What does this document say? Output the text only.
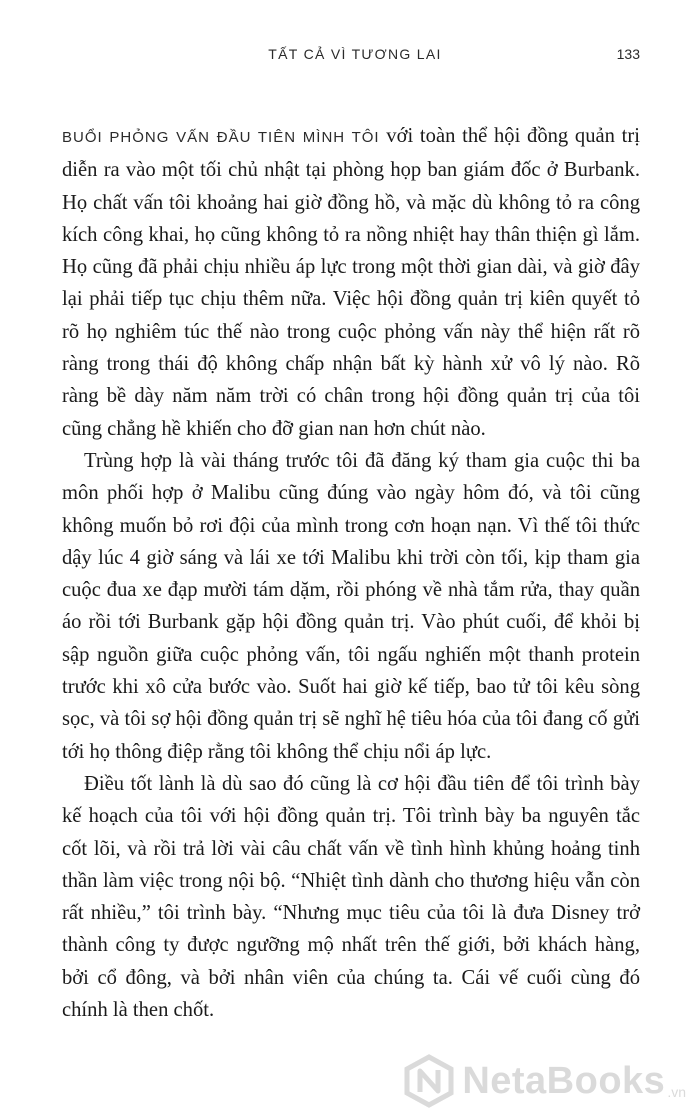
TẤT CẢ VÌ TƯƠNG LAI	133

BUỔI PHỎNG VẤN ĐẦU TIÊN MÌNH TÔI với toàn thể hội đồng quản trị diễn ra vào một tối chủ nhật tại phòng họp ban giám đốc ở Burbank. Họ chất vấn tôi khoảng hai giờ đồng hồ, và mặc dù không tỏ ra công kích công khai, họ cũng không tỏ ra nồng nhiệt hay thân thiện gì lắm. Họ cũng đã phải chịu nhiều áp lực trong một thời gian dài, và giờ đây lại phải tiếp tục chịu thêm nữa. Việc hội đồng quản trị kiên quyết tỏ rõ họ nghiêm túc thế nào trong cuộc phỏng vấn này thể hiện rất rõ ràng trong thái độ không chấp nhận bất kỳ hành xử vô lý nào. Rõ ràng bề dày năm năm trời có chân trong hội đồng quản trị của tôi cũng chẳng hề khiến cho đỡ gian nan hơn chút nào.

Trùng hợp là vài tháng trước tôi đã đăng ký tham gia cuộc thi ba môn phối hợp ở Malibu cũng đúng vào ngày hôm đó, và tôi cũng không muốn bỏ rơi đội của mình trong cơn hoạn nạn. Vì thế tôi thức dậy lúc 4 giờ sáng và lái xe tới Malibu khi trời còn tối, kịp tham gia cuộc đua xe đạp mười tám dặm, rồi phóng về nhà tắm rửa, thay quần áo rồi tới Burbank gặp hội đồng quản trị. Vào phút cuối, để khỏi bị sập nguồn giữa cuộc phỏng vấn, tôi ngấu nghiến một thanh protein trước khi xô cửa bước vào. Suốt hai giờ kế tiếp, bao tử tôi kêu sòng sọc, và tôi sợ hội đồng quản trị sẽ nghĩ hệ tiêu hóa của tôi đang cố gửi tới họ thông điệp rằng tôi không thể chịu nổi áp lực.

Điều tốt lành là dù sao đó cũng là cơ hội đầu tiên để tôi trình bày kế hoạch của tôi với hội đồng quản trị. Tôi trình bày ba nguyên tắc cốt lõi, và rồi trả lời vài câu chất vấn về tình hình khủng hoảng tinh thần làm việc trong nội bộ. “Nhiệt tình dành cho thương hiệu vẫn còn rất nhiều,” tôi trình bày. “Nhưng mục tiêu của tôi là đưa Disney trở thành công ty được ngưỡng mộ nhất trên thế giới, bởi khách hàng, bởi cổ đông, và bởi nhân viên của chúng ta. Cái vế cuối cùng đó chính là then chốt.

NetaBooks .vn
